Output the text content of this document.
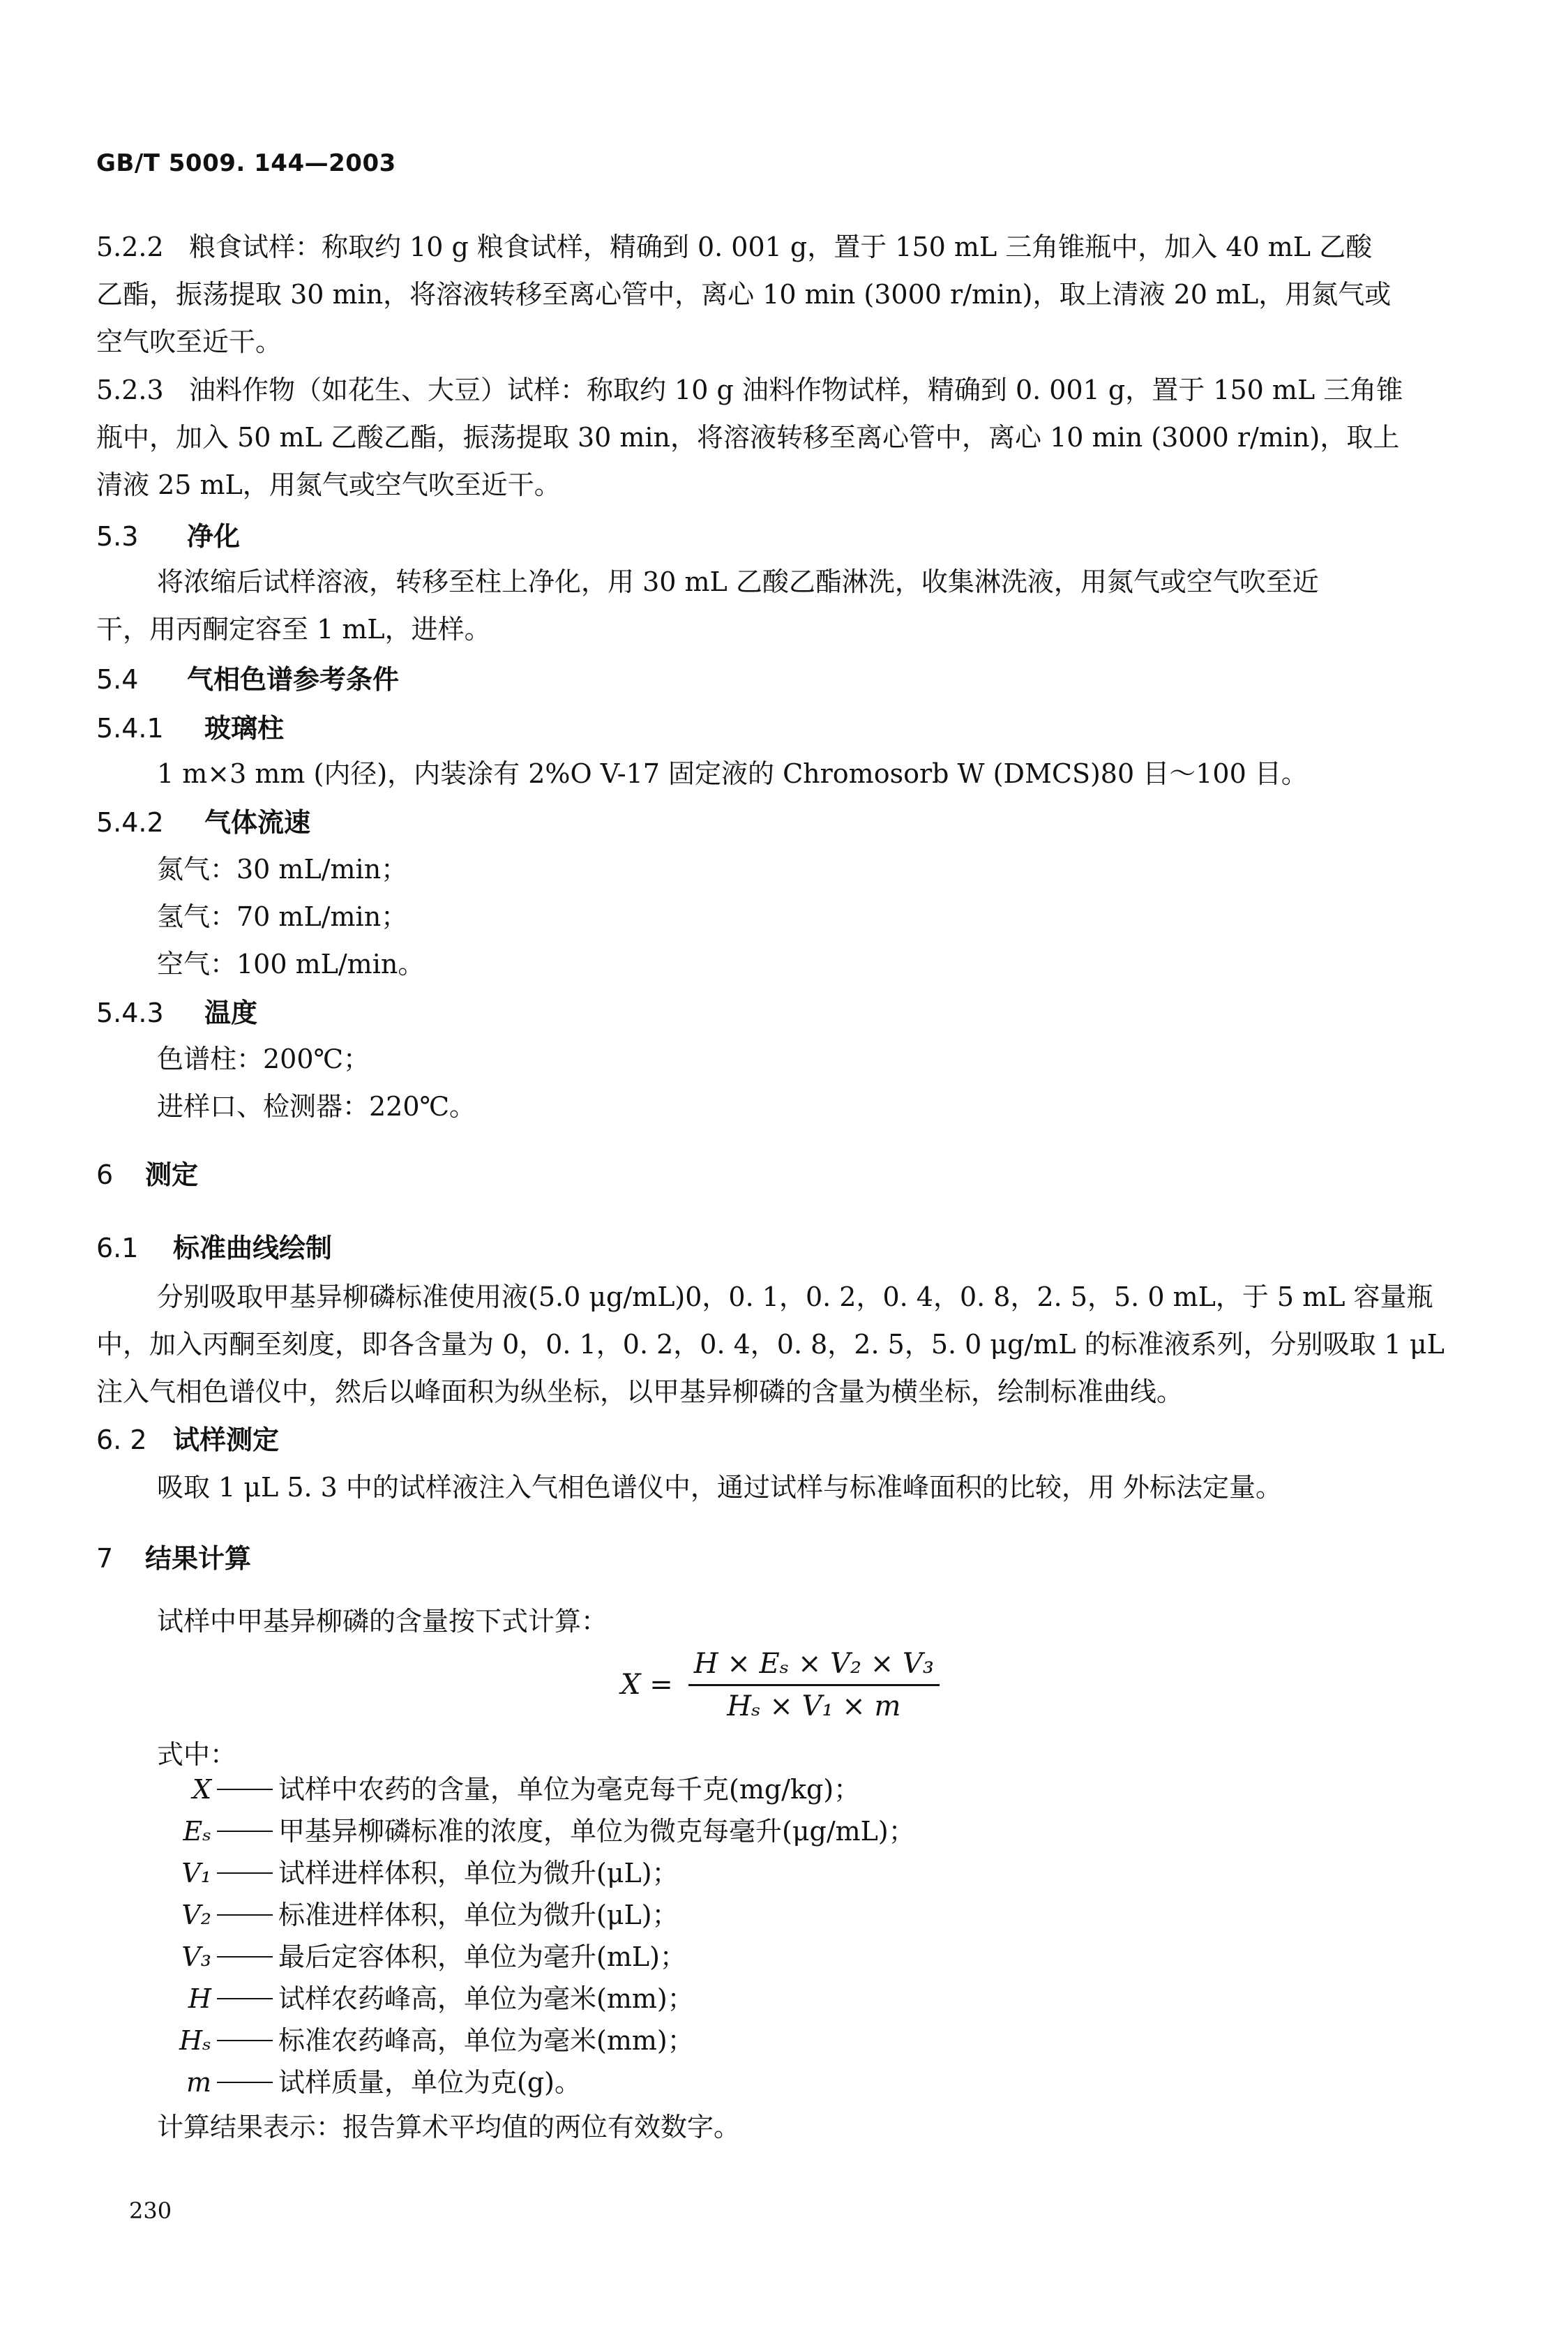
GB/T 5009. 144—2003
5.2.2 粮食试样：称取约 10 g 粮食试样，精确到 0. 001 g，置于 150 mL 三角锥瓶中，加入 40 mL 乙酸
乙酯，振荡提取 30 min，将溶液转移至离心管中，离心 10 min (3000 r/min)，取上清液 20 mL，用氮气或
空气吹至近干。
5.2.3 油料作物（如花生、大豆）试样：称取约 10 g 油料作物试样，精确到 0. 001 g，置于 150 mL 三角锥
瓶中，加入 50 mL 乙酸乙酯，振荡提取 30 min，将溶液转移至离心管中，离心 10 min (3000 r/min)，取上
清液 25 mL，用氮气或空气吹至近干。
5.3 净化
将浓缩后试样溶液，转移至柱上净化，用 30 mL 乙酸乙酯淋洗，收集淋洗液，用氮气或空气吹至近
干，用丙酮定容至 1 mL，进样。
5.4 气相色谱参考条件
5.4.1 玻璃柱
1 m×3 mm (内径)，内装涂有 2%O V-17 固定液的 Chromosorb W (DMCS)80 目～100 目。
5.4.2 气体流速
氮气：30 mL/min；
氢气：70 mL/min；
空气：100 mL/min。
5.4.3 温度
色谱柱：200℃；
进样口、检测器：220℃。
6 测定
6.1 标准曲线绘制
分别吸取甲基异柳磷标准使用液(5.0 μg/mL)0，0. 1，0. 2，0. 4，0. 8，2. 5，5. 0 mL，于 5 mL 容量瓶
中，加入丙酮至刻度，即各含量为 0，0. 1，0. 2，0. 4，0. 8，2. 5，5. 0 μg/mL 的标准液系列，分别吸取 1 μL
注入气相色谱仪中，然后以峰面积为纵坐标，以甲基异柳磷的含量为横坐标，绘制标准曲线。
6. 2 试样测定
吸取 1 μL 5. 3 中的试样液注入气相色谱仪中，通过试样与标准峰面积的比较，用 外标法定量。
7 结果计算
试样中甲基异柳磷的含量按下式计算：
$X = \frac{\text{H × Eₛ × V₂ × V₃}}{\text{Hₛ × V₁ × m}}$
式中：
X	试样中农药的含量，单位为毫克每千克(mg/kg)；
Eₛ	甲基异柳磷标准的浓度，单位为微克每毫升(μg/mL)；
V₁	试样进样体积，单位为微升(μL)；
V₂	标准进样体积，单位为微升(μL)；
V₃	最后定容体积，单位为毫升(mL)；
H	试样农药峰高，单位为毫米(mm)；
Hₛ	标准农药峰高，单位为毫米(mm)；
m	试样质量，单位为克(g)。
计算结果表示：报告算术平均值的两位有效数字。
230
